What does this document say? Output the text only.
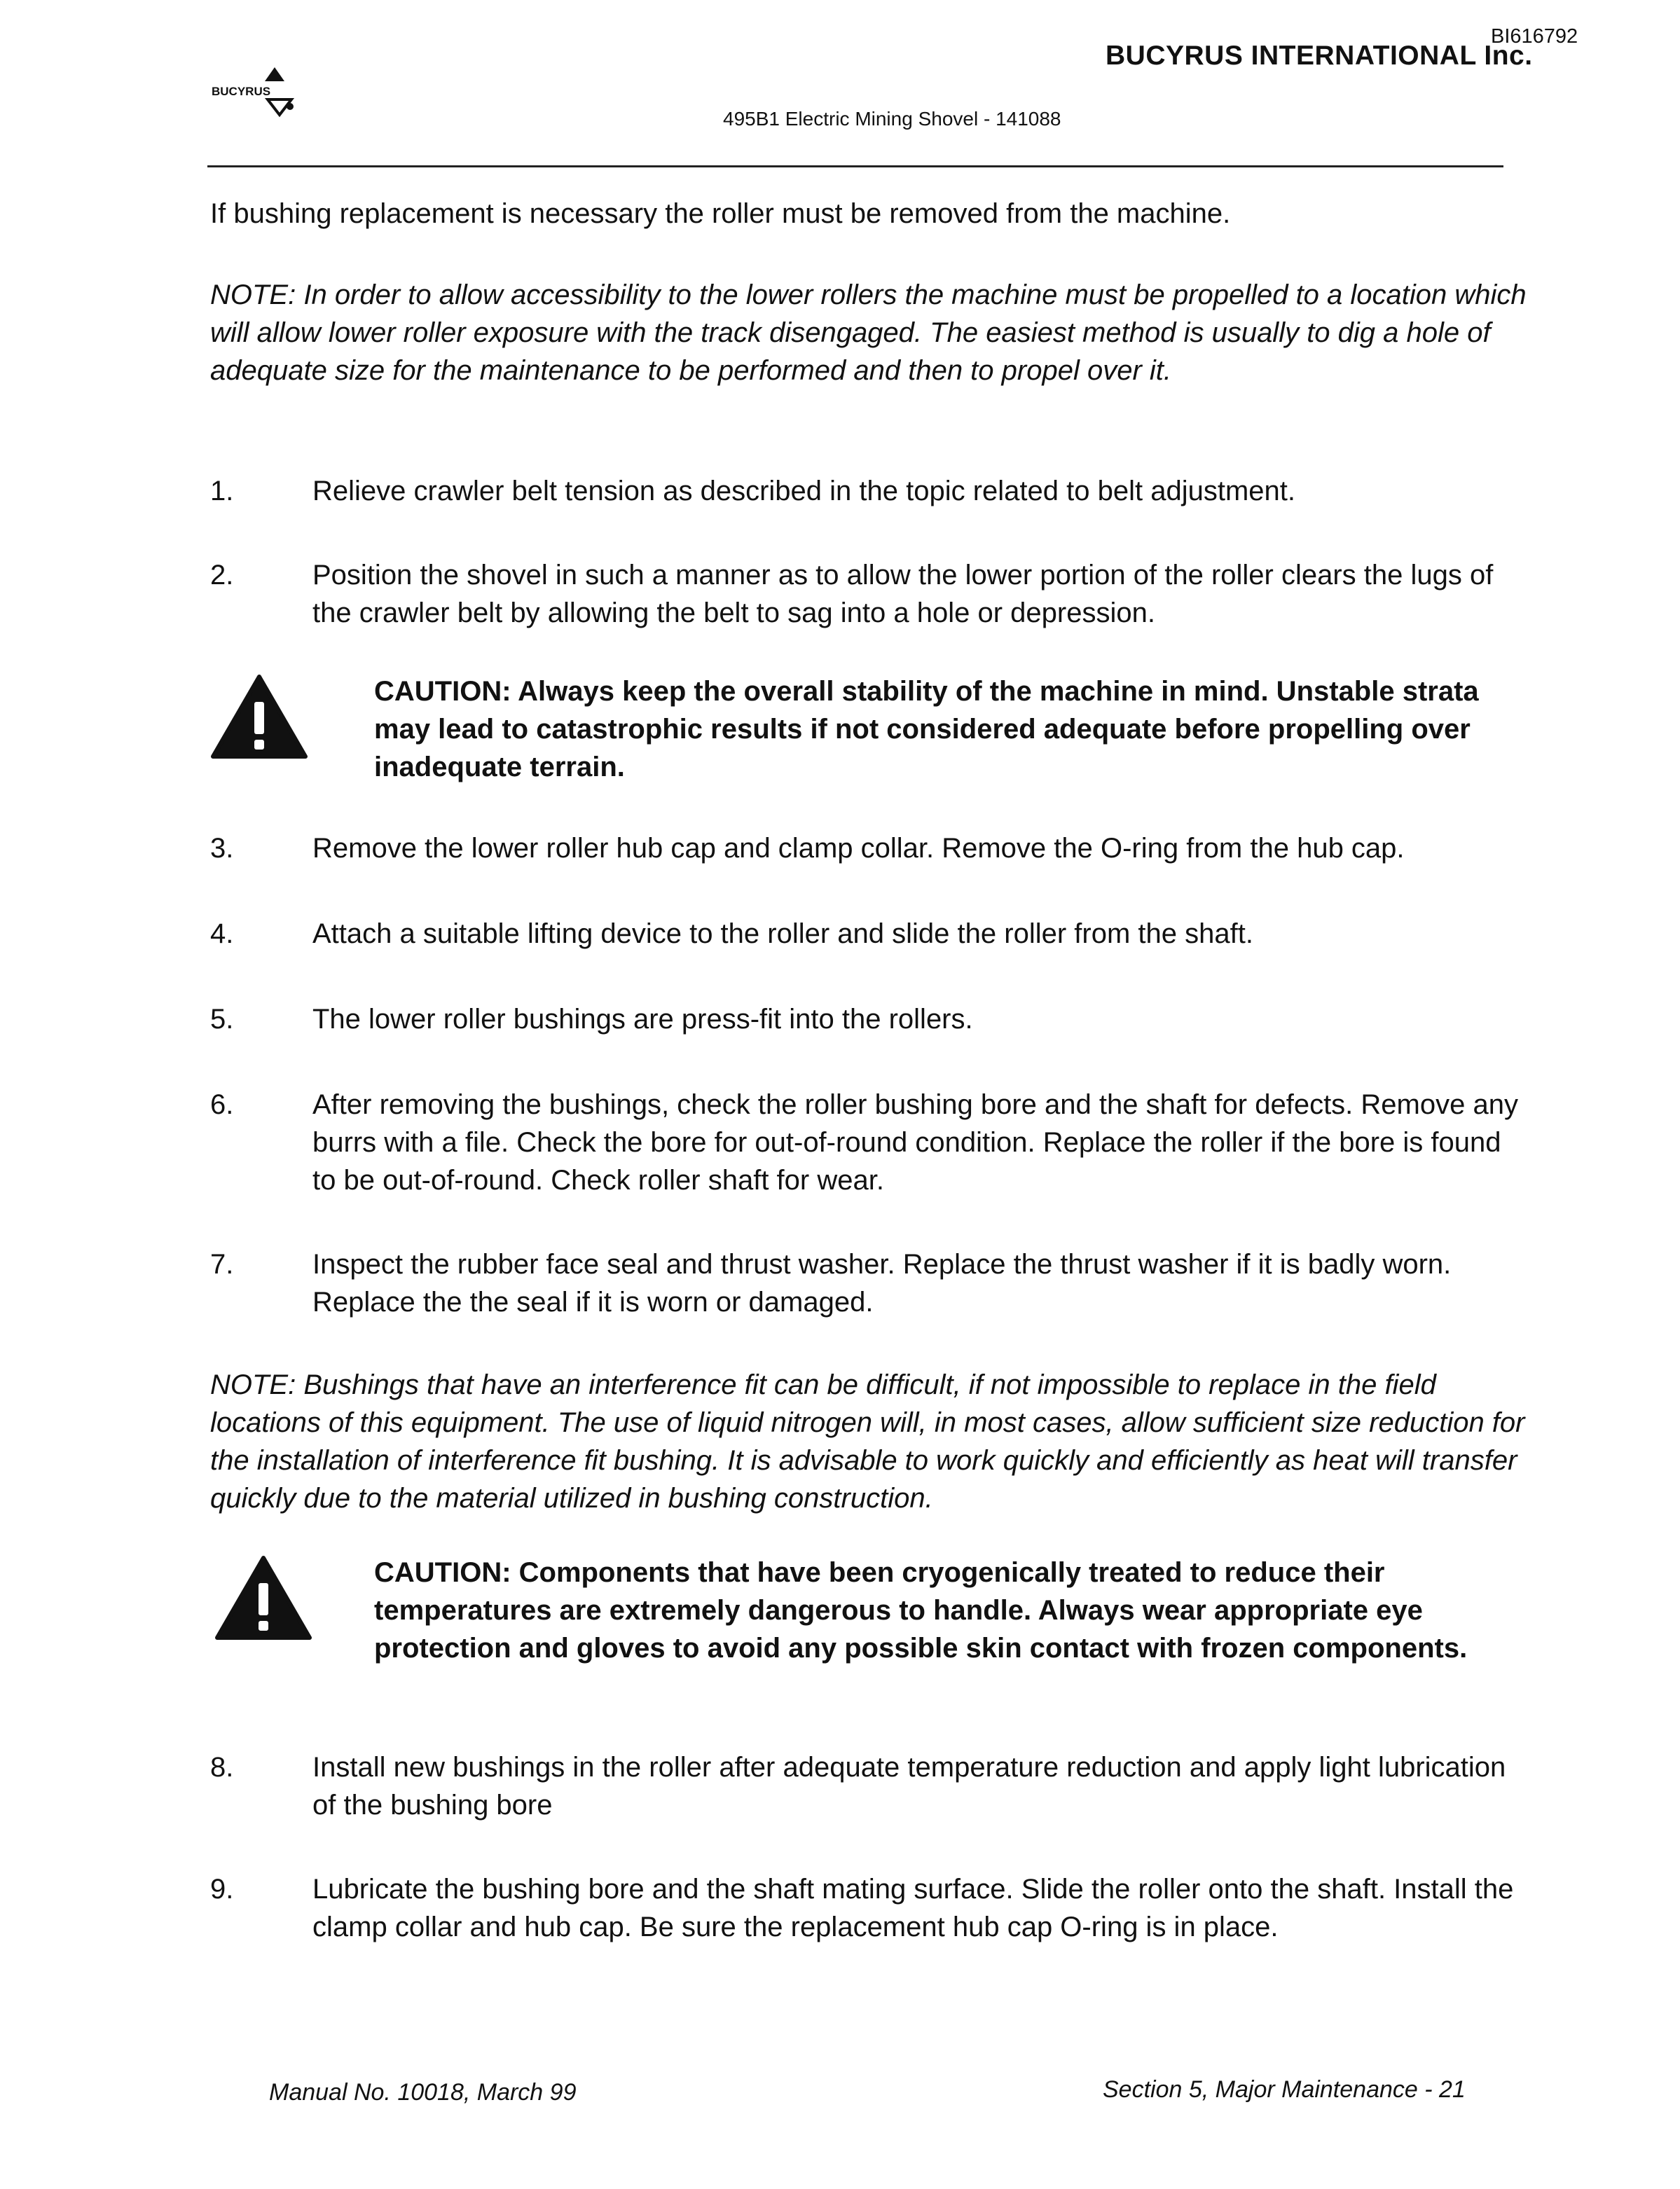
BI616792
BUCYRUS INTERNATIONAL Inc.
BUCYRUS
495B1 Electric Mining Shovel - 141088
If bushing replacement is necessary the roller must be removed from the machine.
NOTE: In order to allow accessibility to the lower rollers the machine must be propelled to a location which will allow lower roller exposure with the track disengaged. The easiest method is usually to dig a hole of adequate size for the maintenance to be performed and then to propel over it.
1.	Relieve crawler belt tension as described in the topic related to belt adjustment.
2.	Position the shovel in such a manner as to allow the lower portion of the roller clears the lugs of the crawler belt by allowing the belt to sag into a hole or depression.
CAUTION: Always keep the overall stability of the machine in mind. Unstable strata may lead to catastrophic results if not considered adequate before propelling over inadequate terrain.
3.	Remove the lower roller hub cap and clamp collar. Remove the O-ring from the hub cap.
4.	Attach a suitable lifting device to the roller and slide the roller from the shaft.
5.	The lower roller bushings are press-fit into the rollers.
6.	After removing the bushings, check the roller bushing bore and the shaft for defects. Remove any burrs with a file. Check the bore for out-of-round condition. Replace the roller if the bore is found to be out-of-round. Check roller shaft for wear.
7.	Inspect the rubber face seal and thrust washer. Replace the thrust washer if it is badly worn. Replace the the seal if it is worn or damaged.
NOTE: Bushings that have an interference fit can be difficult, if not impossible to replace in the field locations of this equipment. The use of liquid nitrogen will, in most cases, allow sufficient size reduction for the installation of interference fit bushing. It is advisable to work quickly and efficiently as heat will transfer quickly due to the material utilized in bushing construction.
CAUTION: Components that have been cryogenically treated to reduce their temperatures are extremely dangerous to handle. Always wear appropriate eye protection and gloves to avoid any possible skin contact with frozen components.
8.	Install new bushings in the roller after adequate temperature reduction and apply light lubrication of the bushing bore
9.	Lubricate the bushing bore and the shaft mating surface. Slide the roller onto the shaft. Install the clamp collar and hub cap. Be sure the replacement hub cap O-ring is in place.
Manual No. 10018, March 99	Section 5, Major Maintenance - 21
